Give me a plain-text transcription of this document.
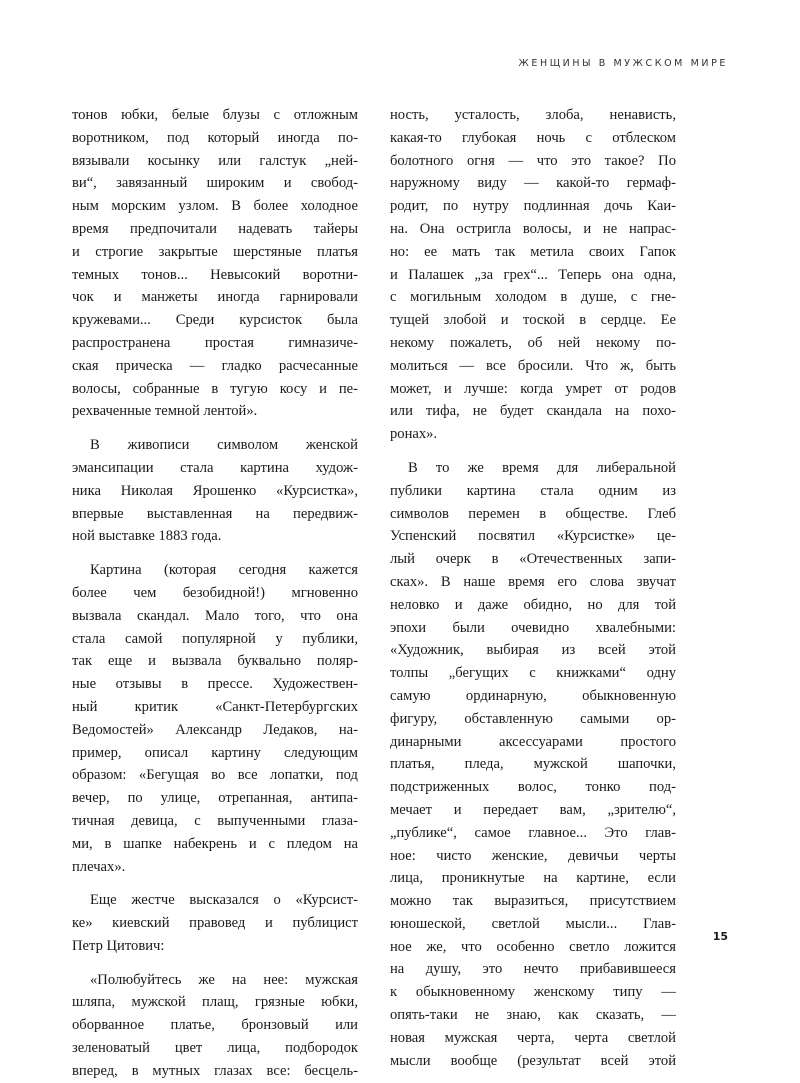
ЖЕНЩИНЫ В МУЖСКОМ МИРЕ
тонов юбки, белые блузы с отложным
воротником, под который иногда по-
вязывали косынку или галстук „ней-
ви“, завязанный широким и свобод-
ным морским узлом. В более холодное
время предпочитали надевать тайеры
и строгие закрытые шерстяные платья
темных тонов... Невысокий воротни-
чок и манжеты иногда гарнировали
кружевами... Среди курсисток была
распространена простая гимназиче-
ская прическа — гладко расчесанные
волосы, собранные в тугую косу и пе-
рехваченные темной лентой».
В живописи символом женской
эмансипации стала картина худож-
ника Николая Ярошенко «Курсистка»,
впервые выставленная на передвиж-
ной выставке 1883 года.
Картина (которая сегодня кажется
более чем безобидной!) мгновенно
вызвала скандал. Мало того, что она
стала самой популярной у публики,
так еще и вызвала буквально поляр-
ные отзывы в прессе. Художествен-
ный критик «Санкт-Петербургских
Ведомостей» Александр Ледаков, на-
пример, описал картину следующим
образом: «Бегущая во все лопатки, под
вечер, по улице, отрепанная, антипа-
тичная девица, с выпученными глаза-
ми, в шапке набекрень и с пледом на
плечах».
Еще жестче высказался о «Курсист-
ке» киевский правовед и публицист
Петр Цитович:
«Полюбуйтесь же на нее: мужская
шляпа, мужской плащ, грязные юбки,
оборванное платье, бронзовый или
зеленоватый цвет лица, подбородок
вперед, в мутных глазах все: бесцель-
ность, усталость, злоба, ненависть,
какая-то глубокая ночь с отблеском
болотного огня — что это такое? По
наружному виду — какой-то гермаф-
родит, по нутру подлинная дочь Каи-
на. Она остригла волосы, и не напрас-
но: ее мать так метила своих Гапок
и Палашек „за грех“... Теперь она одна,
с могильным холодом в душе, с гне-
тущей злобой и тоской в сердце. Ее
некому пожалеть, об ней некому по-
молиться — все бросили. Что ж, быть
может, и лучше: когда умрет от родов
или тифа, не будет скандала на похо-
ронах».
В то же время для либеральной
публики картина стала одним из
символов перемен в обществе. Глеб
Успенский посвятил «Курсистке» це-
лый очерк в «Отечественных запи-
сках». В наше время его слова звучат
неловко и даже обидно, но для той
эпохи были очевидно хвалебными:
«Художник, выбирая из всей этой
толпы „бегущих с книжками“ одну
самую ординарную, обыкновенную
фигуру, обставленную самыми ор-
динарными аксессуарами простого
платья, пледа, мужской шапочки,
подстриженных волос, тонко под-
мечает и передает вам, „зрителю“,
„публике“, самое главное... Это глав-
ное: чисто женские, девичьи черты
лица, проникнутые на картине, если
можно так выразиться, присутствием
юношеской, светлой мысли... Глав-
ное же, что особенно светло ложится
на душу, это нечто прибавившееся
к обыкновенному женскому типу —
опять-таки не знаю, как сказать, —
новая мужская черта, черта светлой
мысли вообще (результат всей этой
15
